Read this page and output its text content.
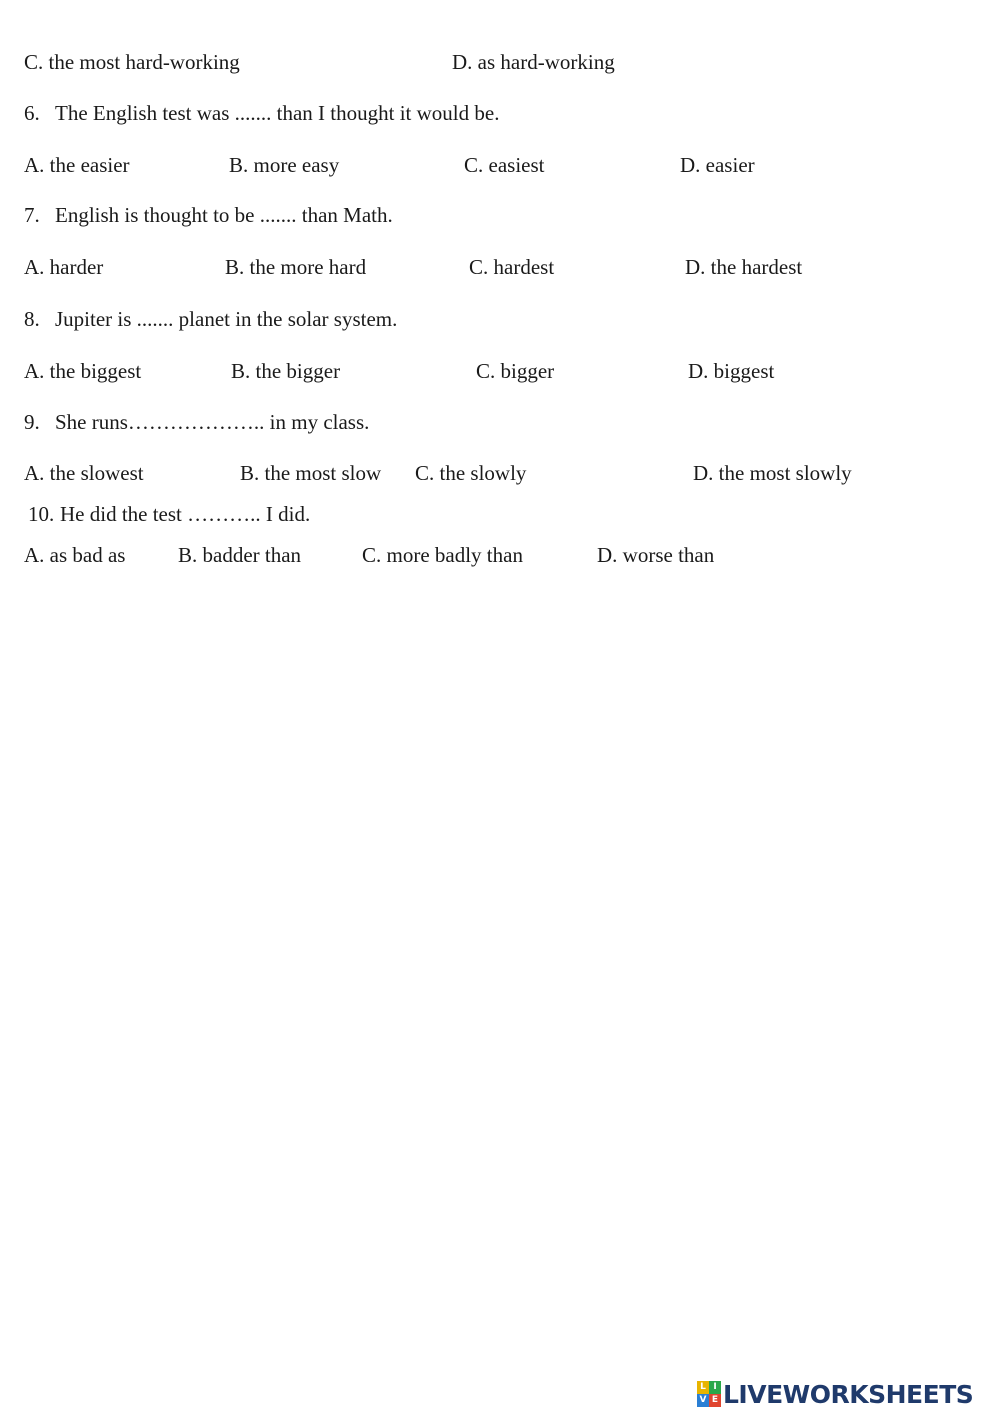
C. the most hard-working	D. as hard-working
6. The English test was ....... than I thought it would be.
A. the easier	B. more easy	C. easiest	D. easier
7. English is thought to be ....... than Math.
A. harder	B. the more hard	C. hardest	D. the hardest
8. Jupiter is ....... planet in the solar system.
A. the biggest	B. the bigger	C. bigger	D. biggest
9. She runs……………….. in my class.
A. the slowest	B. the most slow C. the slowly	D. the most slowly
10. He did the test ……….. I did.
A. as bad as	B. badder than	C. more badly than	D. worse than
L I
V E LIVEWORKSHEETS
